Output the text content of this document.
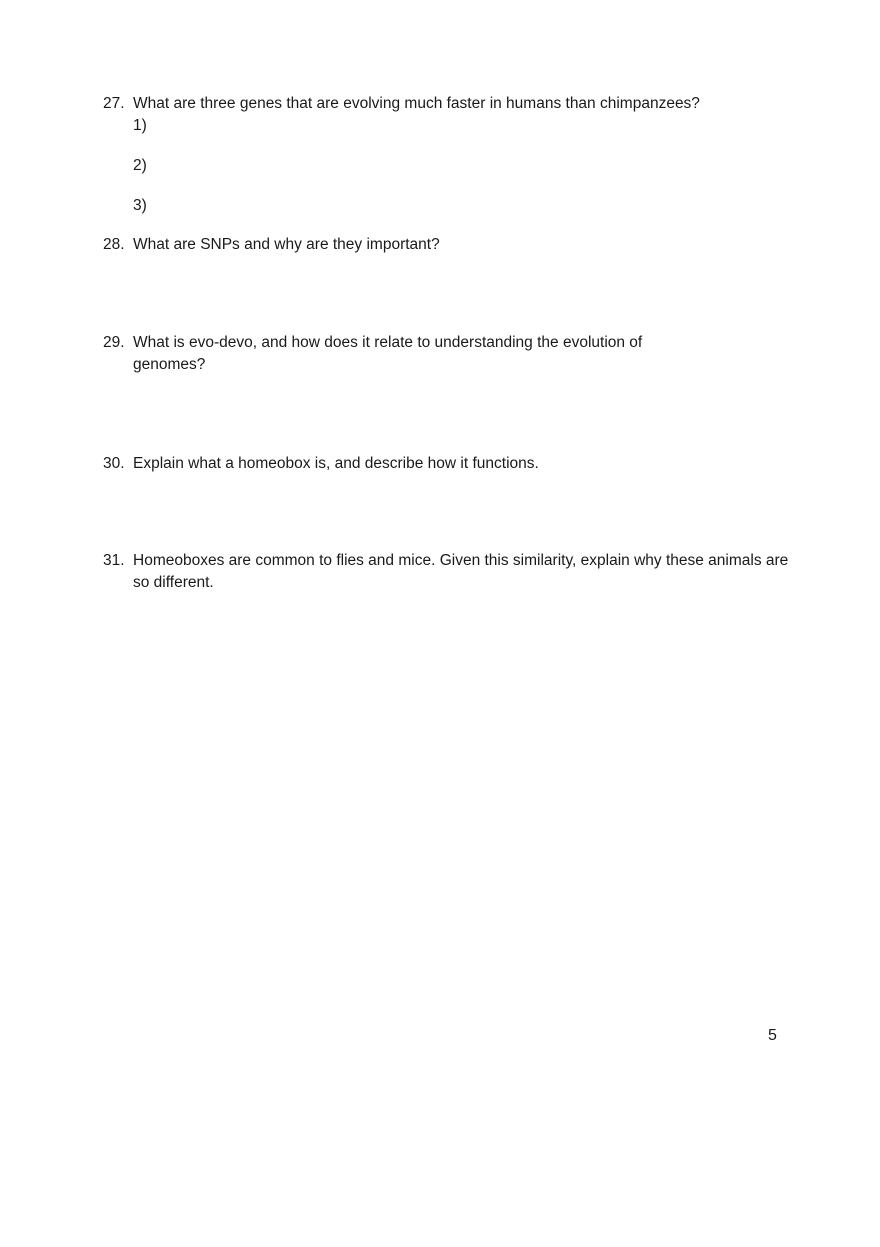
27. What are three genes that are evolving much faster in humans than chimpanzees?
1)
2)
3)
28. What are SNPs and why are they important?
29. What is evo-devo, and how does it relate to understanding the evolution of genomes?
30. Explain what a homeobox is, and describe how it functions.
31. Homeoboxes are common to flies and mice. Given this similarity, explain why these animals are so different.
5
